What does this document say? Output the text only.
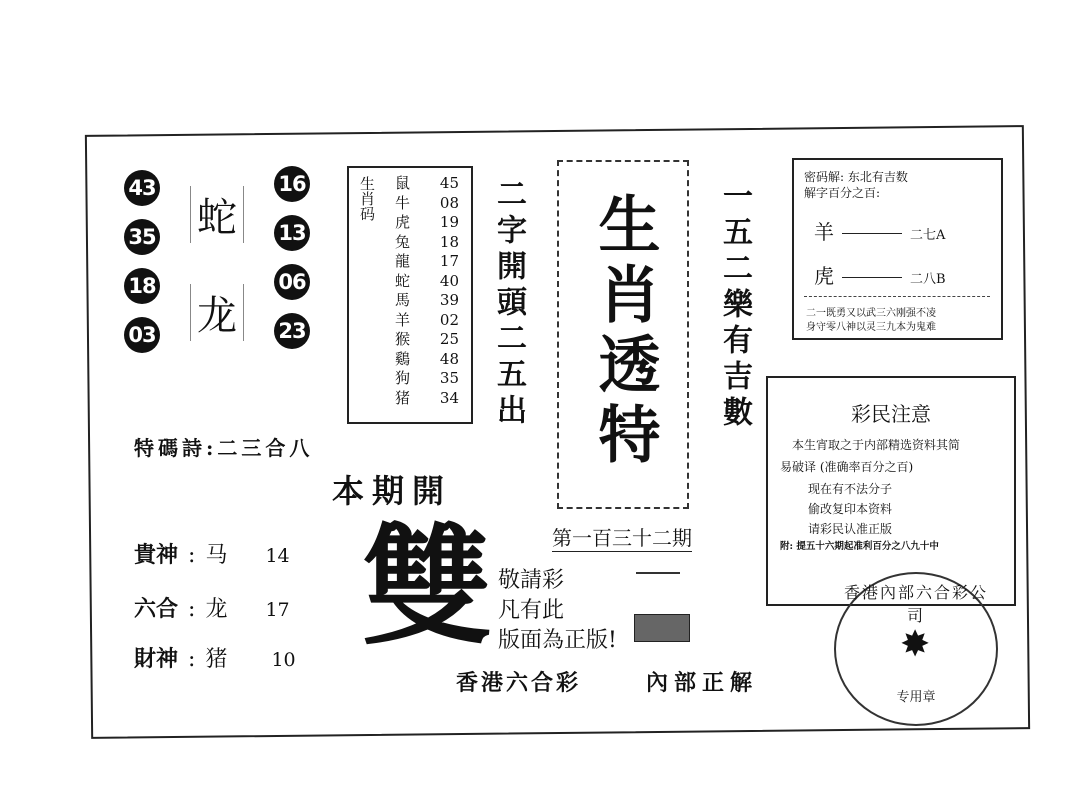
43
35
18
03
16
13
06
23
蛇
龙
生肖码 鼠 45
牛 08
虎 19
兔 18
龍 17
蛇 40
馬 39
羊 02
猴 25
鷄 48
狗 35
猪 34 二字開頭二五出 生肖透特 一五二樂有吉數
第一百三十二期
密码解: 东北有吉数
解字百分之百:
羊	二七A
虎	二八B
二一既勇又以武三六刚强不凌
身守零八神以灵三九本为鬼难
彩民注意
本生宵取之于内部精选资料其简
易破译 (准确率百分之百)
现在有不法分子
偷改复印本资料
请彩民认准正版
附: 提五十六期起准利百分之八九十中
特碼詩:二三合八
本期開
雙
貴神 : 马 14
六合 : 龙 17
財神 : 猪 10
敬請彩
凡有此
版面為正版!
香港六合彩	內部正解
香港內部六合彩公司
✸
专用章
